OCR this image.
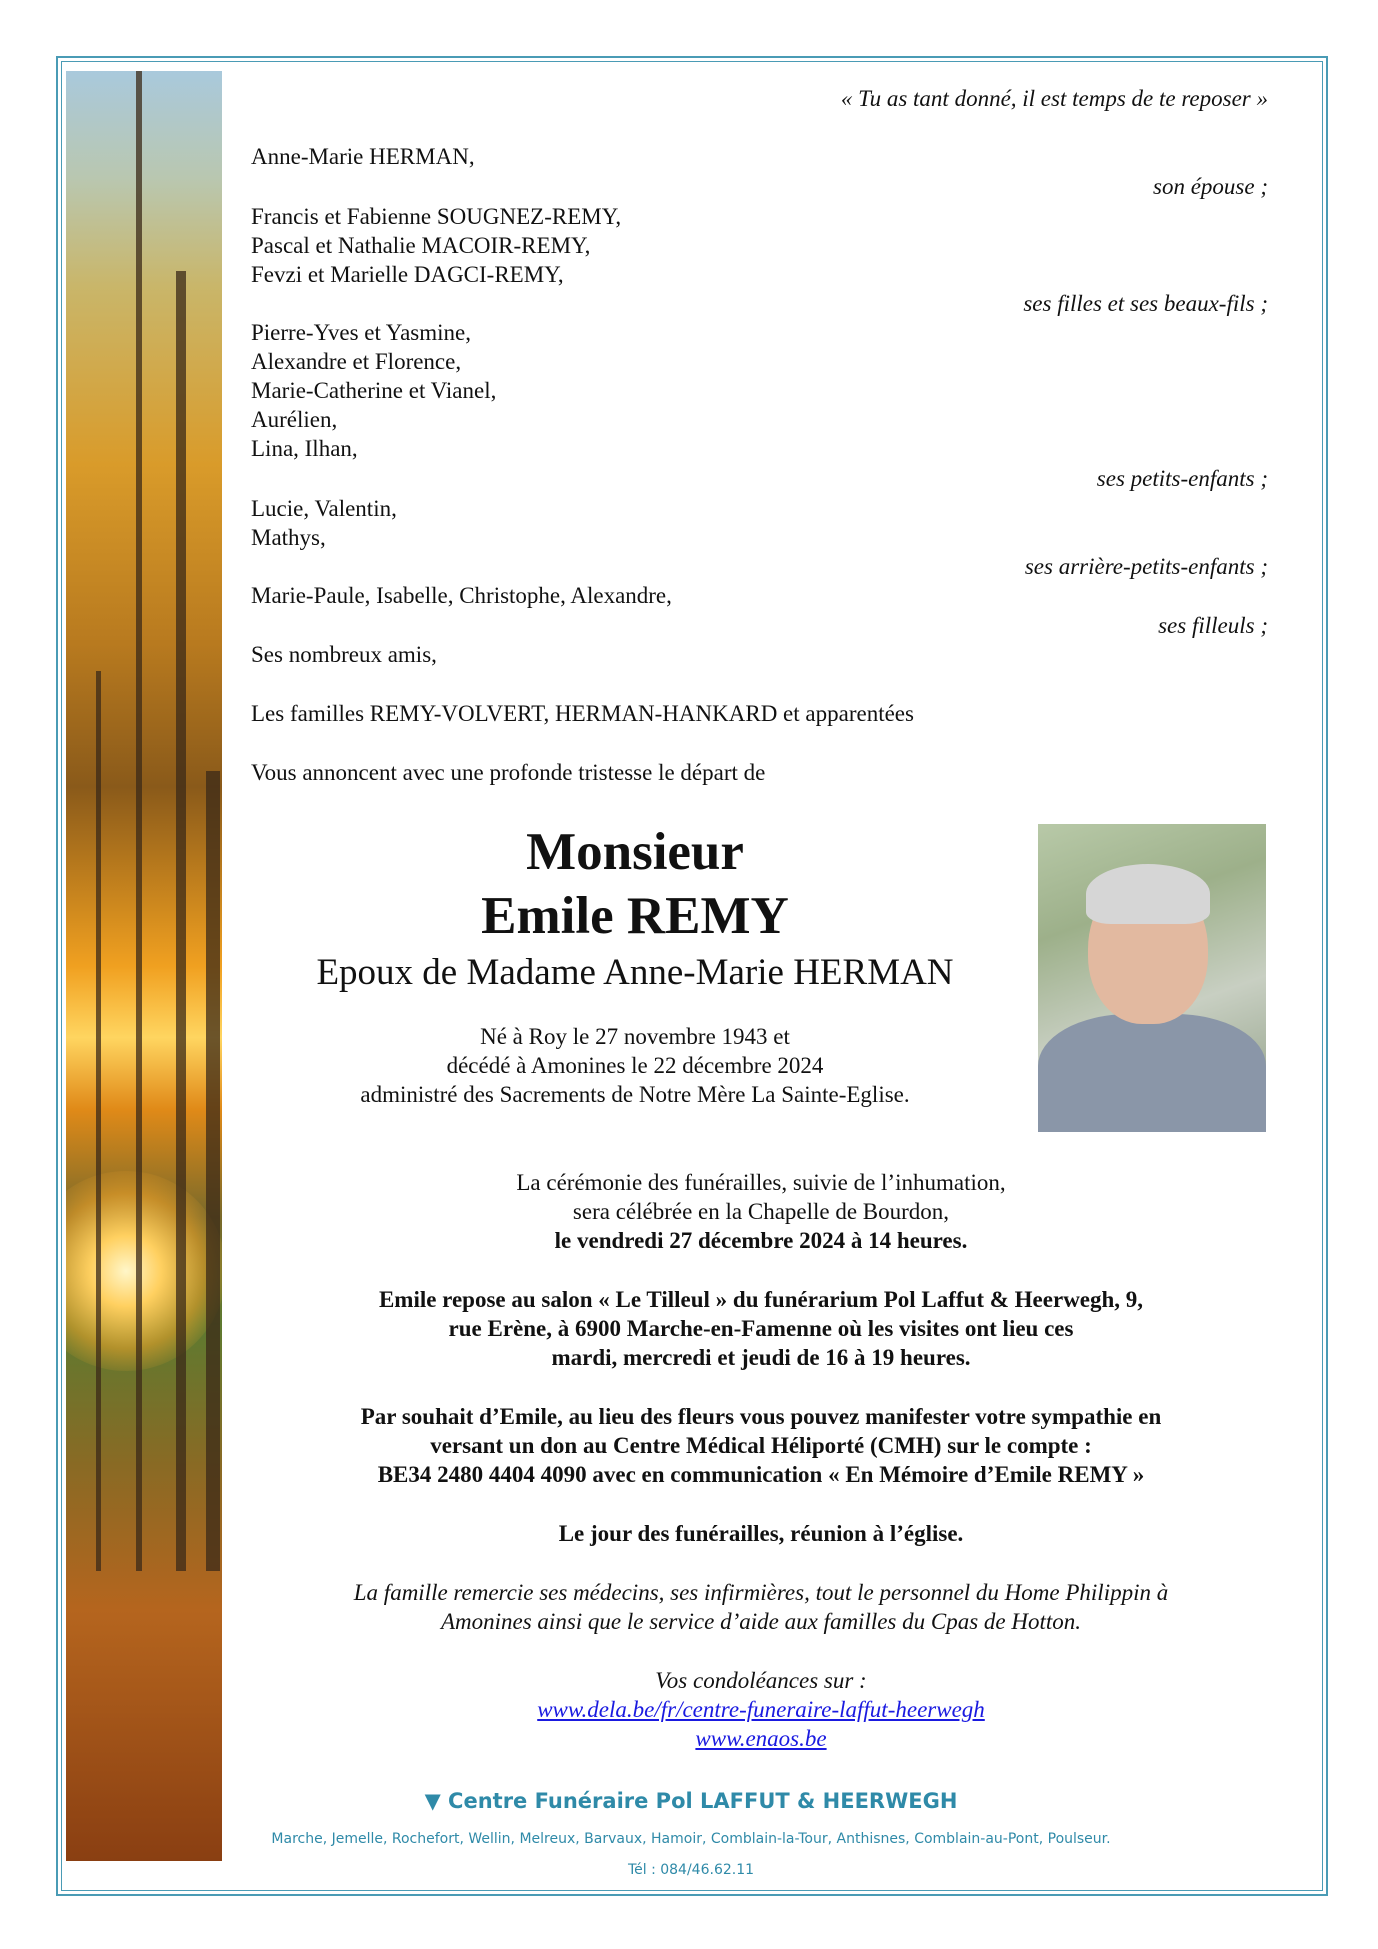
« Tu as tant donné, il est temps de te reposer »
Anne-Marie HERMAN,
son épouse ;
Francis et Fabienne SOUGNEZ-REMY,
Pascal et Nathalie MACOIR-REMY,
Fevzi et Marielle DAGCI-REMY,
ses filles et ses beaux-fils ;
Pierre-Yves et Yasmine,
Alexandre et Florence,
Marie-Catherine et Vianel,
Aurélien,
Lina, Ilhan,
ses petits-enfants ;
Lucie, Valentin,
Mathys,
ses arrière-petits-enfants ;
Marie-Paule, Isabelle, Christophe, Alexandre,
ses filleuls ;
Ses nombreux amis,
Les familles REMY-VOLVERT, HERMAN-HANKARD et apparentées
Vous annoncent avec une profonde tristesse le départ de
Monsieur
Emile REMY
Epoux de Madame Anne-Marie HERMAN
Né à Roy le 27 novembre 1943 et
décédé à Amonines le 22 décembre 2024
administré des Sacrements de Notre Mère La Sainte-Eglise.
La cérémonie des funérailles, suivie de l’inhumation,
sera célébrée en la Chapelle de Bourdon,
le vendredi 27 décembre 2024 à 14 heures.
Emile repose au salon « Le Tilleul » du funérarium Pol Laffut & Heerwegh, 9,
rue Erène, à 6900 Marche-en-Famenne où les visites ont lieu ces
mardi, mercredi et jeudi de 16 à 19 heures.
Par souhait d’Emile, au lieu des fleurs vous pouvez manifester votre sympathie en
versant un don au Centre Médical Héliporté (CMH) sur le compte :
BE34 2480 4404 4090 avec en communication « En Mémoire d’Emile REMY »
Le jour des funérailles, réunion à l’église.
La famille remercie ses médecins, ses infirmières, tout le personnel du Home Philippin à
Amonines ainsi que le service d’aide aux familles du Cpas de Hotton.
Vos condoléances sur :
www.dela.be/fr/centre-funeraire-laffut-heerwegh
www.enaos.be
▼ Centre Funéraire Pol LAFFUT & HEERWEGH
Marche, Jemelle, Rochefort, Wellin, Melreux, Barvaux, Hamoir, Comblain-la-Tour, Anthisnes, Comblain-au-Pont, Poulseur.
Tél : 084/46.62.11
